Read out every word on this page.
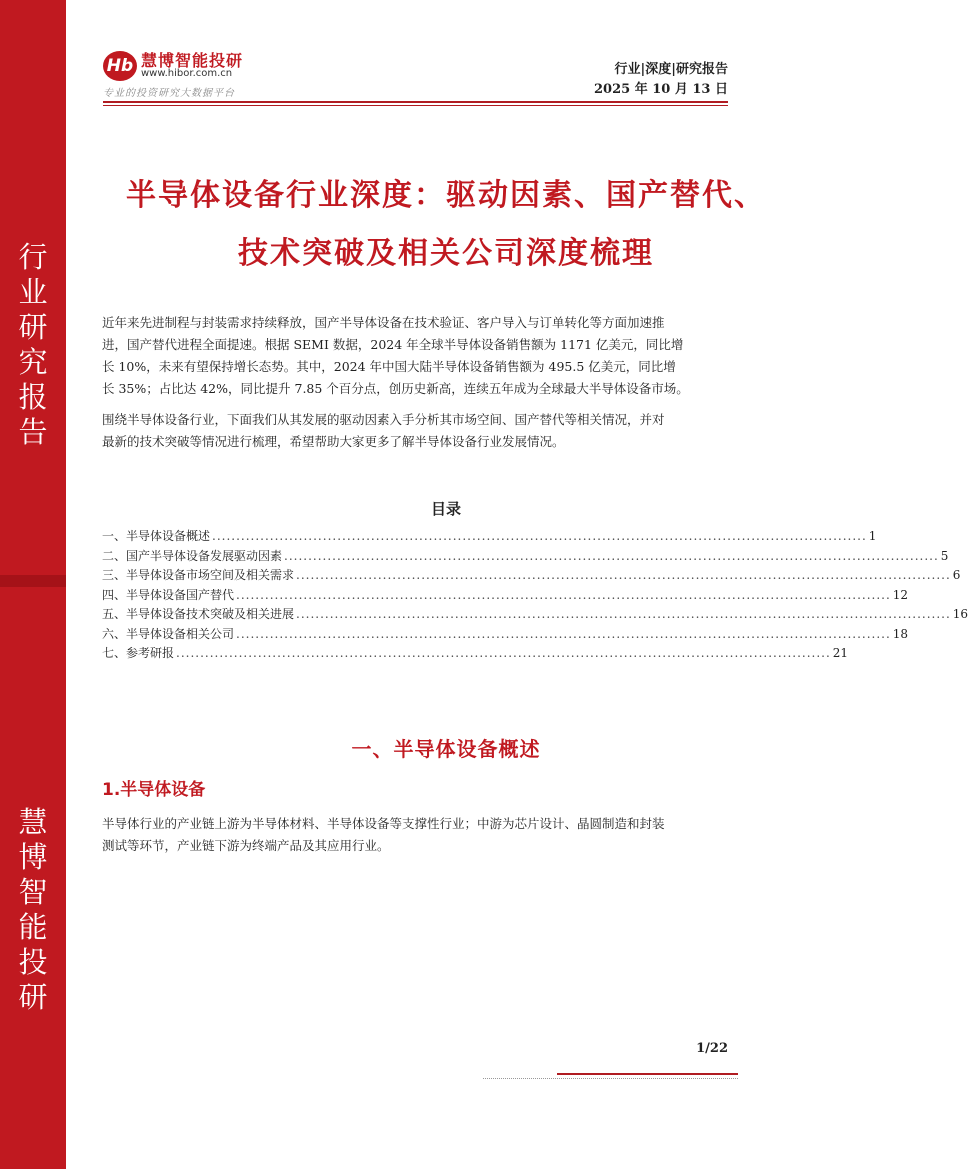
行
业
研
究
报
告
慧
博
智
能
投
研
Hb 慧博智能投研
www.hibor.com.cn
专业的投资研究大数据平台
行业|深度|研究报告
2025 年 10 月 13 日
半导体设备行业深度：驱动因素、国产替代、
技术突破及相关公司深度梳理
近年来先进制程与封装需求持续释放，国产半导体设备在技术验证、客户导入与订单转化等方面加速推
进，国产替代进程全面提速。根据 SEMI 数据，2024 年全球半导体设备销售额为 1171 亿美元，同比增
长 10%，未来有望保持增长态势。其中，2024 年中国大陆半导体设备销售额为 495.5 亿美元，同比增
长 35%；占比达 42%，同比提升 7.85 个百分点，创历史新高，连续五年成为全球最大半导体设备市场。
围绕半导体设备行业，下面我们从其发展的驱动因素入手分析其市场空间、国产替代等相关情况，并对
最新的技术突破等情况进行梳理，希望帮助大家更多了解半导体设备行业发展情况。
目录
一、半导体设备概述 ........................................................................................................................................ 1
二、国产半导体设备发展驱动因素 ........................................................................................................................................ 5
三、半导体设备市场空间及相关需求 ........................................................................................................................................ 6
四、半导体设备国产替代 ........................................................................................................................................ 12
五、半导体设备技术突破及相关进展 ........................................................................................................................................ 16
六、半导体设备相关公司 ........................................................................................................................................ 18
七、参考研报 ........................................................................................................................................ 21
一、半导体设备概述
1.半导体设备
半导体行业的产业链上游为半导体材料、半导体设备等支撑性行业；中游为芯片设计、晶圆制造和封装
测试等环节，产业链下游为终端产品及其应用行业。
1/22
